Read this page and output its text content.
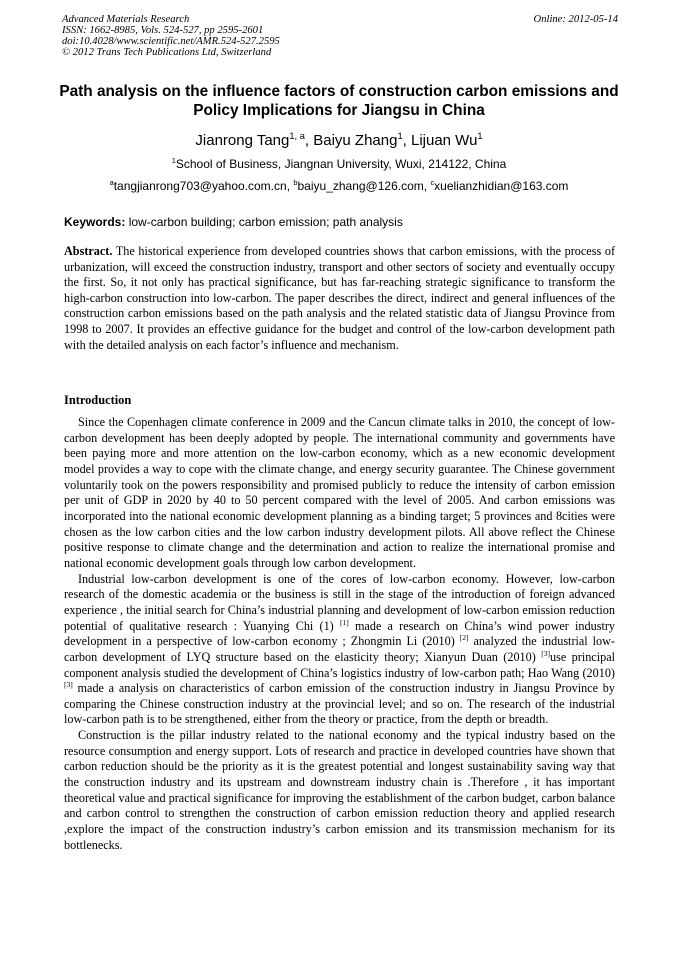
Advanced Materials Research
ISSN: 1662-8985, Vols. 524-527, pp 2595-2601
doi:10.4028/www.scientific.net/AMR.524-527.2595
© 2012 Trans Tech Publications Ltd, Switzerland
Online: 2012-05-14
Path analysis on the influence factors of construction carbon emissions and Policy Implications for Jiangsu in China
Jianrong Tang$^{1, a}$, Baiyu Zhang$^1$, Lijuan Wu$^1$
$^1$School of Business, Jiangnan University, Wuxi, 214122, China
$^a$tangjianrong703@yahoo.com.cn, $^b$baiyu_zhang@126.com, $^c$xuelianzhidian@163.com
Keywords: low-carbon building; carbon emission; path analysis
Abstract. The historical experience from developed countries shows that carbon emissions, with the process of urbanization, will exceed the construction industry, transport and other sectors of society and eventually occupy the first. So, it not only has practical significance, but has far-reaching strategic significance to transform the high-carbon construction into low-carbon. The paper describes the direct, indirect and general influences of the construction carbon emissions based on the path analysis and the related statistic data of Jiangsu Province from 1998 to 2007. It provides an effective guidance for the budget and control of the low-carbon development path with the detailed analysis on each factor’s influence and mechanism.
Introduction

Since the Copenhagen climate conference in 2009 and the Cancun climate talks in 2010, the concept of low-carbon development has been deeply adopted by people. The international community and governments have been paying more and more attention on the low-carbon economy, which as a new economic development model provides a way to cope with the climate change, and energy security guarantee. The Chinese government voluntarily took on the powers responsibility and promised publicly to reduce the intensity of carbon emission per unit of GDP in 2020 by 40 to 50 percent compared with the level of 2005. And carbon emissions was incorporated into the national economic development planning as a binding target; 5 provinces and 8cities were chosen as the low carbon cities and the low carbon industry development pilots. All above reflect the Chinese positive response to climate change and the determination and action to realize the international promise and national economic development goals through low carbon development.

Industrial low-carbon development is one of the cores of low-carbon economy. However, low-carbon research of the domestic academia or the business is still in the stage of the introduction of foreign advanced experience , the initial search for China’s industrial planning and development of low-carbon emission reduction potential of qualitative research : Yuanying Chi (1) [1] made a research on China’s wind power industry development in a perspective of low-carbon economy ; Zhongmin Li (2010) [2] analyzed the industrial low-carbon development of LYQ structure based on the elasticity theory; Xianyun Duan (2010) [3]use principal component analysis studied the development of China’s logistics industry of low-carbon path; Hao Wang (2010) [3] made a analysis on characteristics of carbon emission of the construction industry in Jiangsu Province by comparing the Chinese construction industry at the provincial level; and so on. The research of the industrial low-carbon path is to be strengthened, either from the theory or practice, from the depth or breadth.

Construction is the pillar industry related to the national economy and the typical industry based on the resource consumption and energy support. Lots of research and practice in developed countries have shown that carbon reduction should be the priority as it is the greatest potential and longest sustainability saving way that the construction industry and its upstream and downstream industry chain is .Therefore , it has important theoretical value and practical significance for improving the establishment of the carbon budget, carbon balance and carbon control to strengthen the construction of carbon emission reduction theory and applied research ,explore the impact of the construction industry’s carbon emission and its transmission mechanism for its bottlenecks.
